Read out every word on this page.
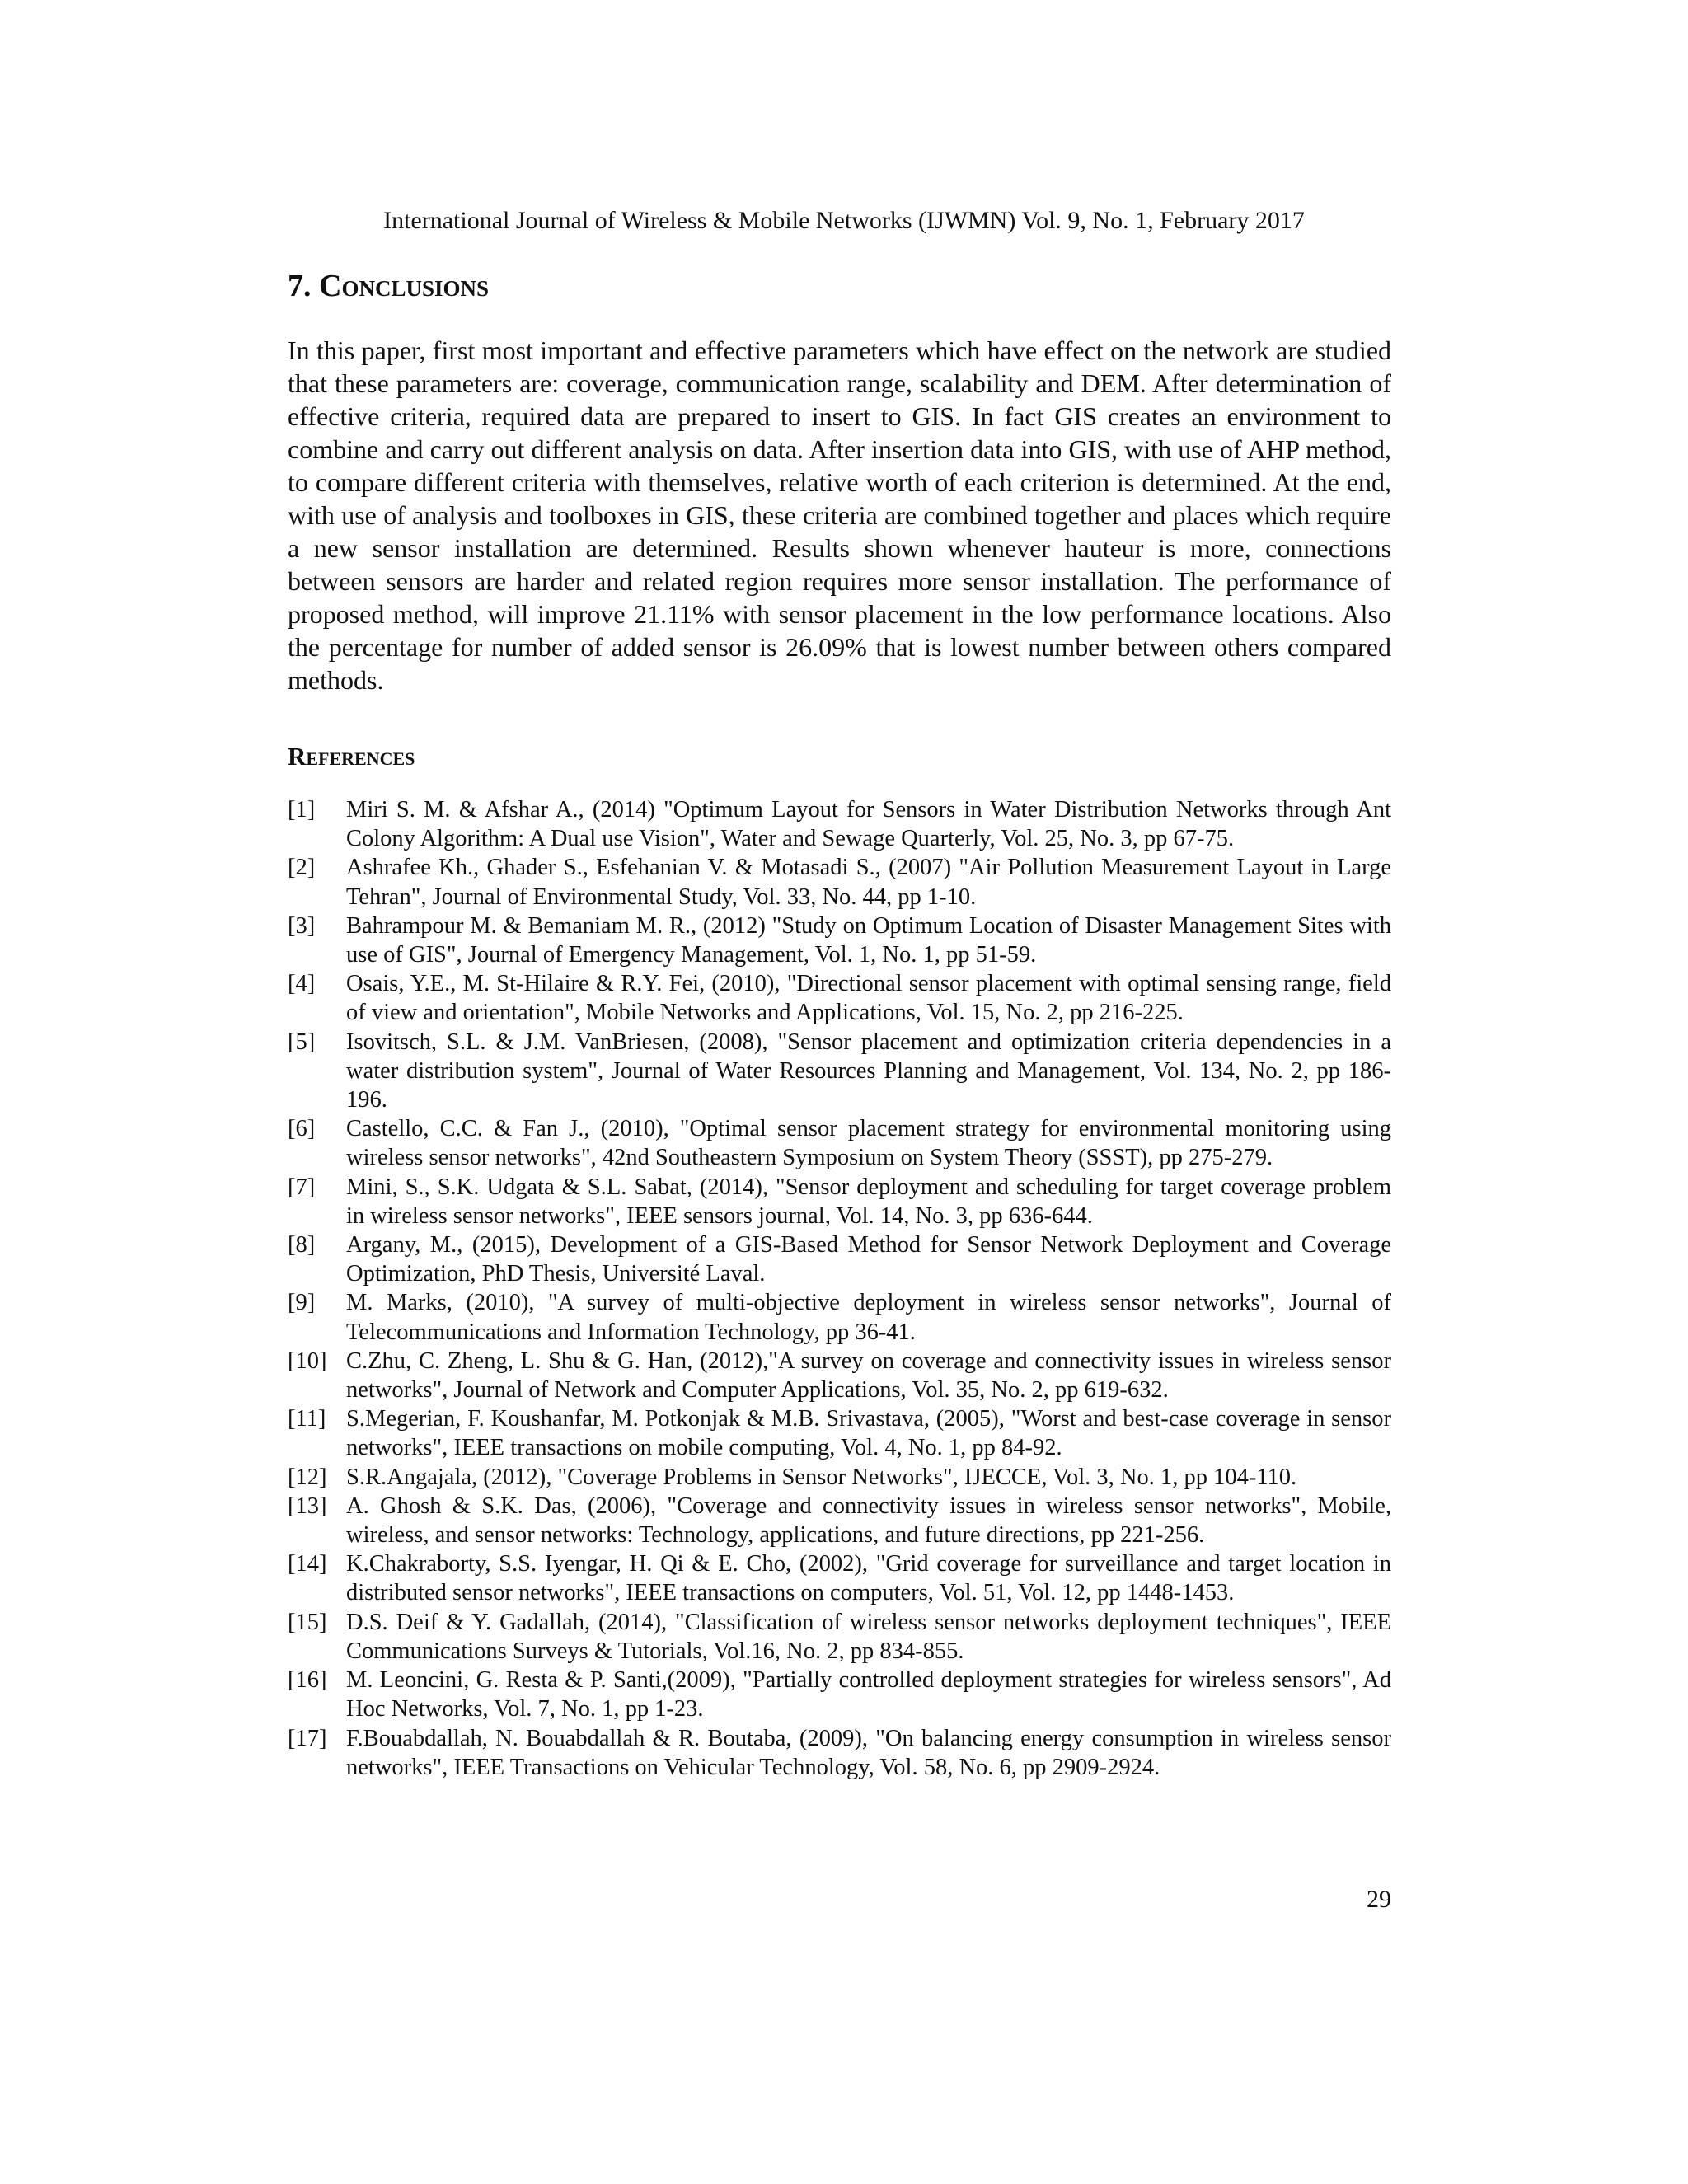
International Journal of Wireless & Mobile Networks (IJWMN) Vol. 9, No. 1, February 2017
7. Conclusions

In this paper, first most important and effective parameters which have effect on the network are studied that these parameters are: coverage, communication range, scalability and DEM. After determination of effective criteria, required data are prepared to insert to GIS. In fact GIS creates an environment to combine and carry out different analysis on data. After insertion data into GIS, with use of AHP method, to compare different criteria with themselves, relative worth of each criterion is determined. At the end, with use of analysis and toolboxes in GIS, these criteria are combined together and places which require a new sensor installation are determined. Results shown whenever hauteur is more, connections between sensors are harder and related region requires more sensor installation. The performance of proposed method, will improve 21.11% with sensor placement in the low performance locations. Also the percentage for number of added sensor is 26.09% that is lowest number between others compared methods.

References
[1]	Miri S. M. & Afshar A., (2014) "Optimum Layout for Sensors in Water Distribution Networks through Ant Colony Algorithm: A Dual use Vision", Water and Sewage Quarterly, Vol. 25, No. 3, pp 67-75.
[2]	Ashrafee Kh., Ghader S., Esfehanian V. & Motasadi S., (2007) "Air Pollution Measurement Layout in Large Tehran", Journal of Environmental Study, Vol. 33, No. 44, pp 1-10.
[3]	Bahrampour M. & Bemaniam M. R., (2012) "Study on Optimum Location of Disaster Management Sites with use of GIS", Journal of Emergency Management, Vol. 1, No. 1, pp 51-59.
[4]	Osais, Y.E., M. St-Hilaire & R.Y. Fei, (2010), "Directional sensor placement with optimal sensing range, field of view and orientation", Mobile Networks and Applications, Vol. 15, No. 2, pp 216-225.
[5]	Isovitsch, S.L. & J.M. VanBriesen, (2008), "Sensor placement and optimization criteria dependencies in a water distribution system", Journal of Water Resources Planning and Management, Vol. 134, No. 2, pp 186-196.
[6]	Castello, C.C. & Fan J., (2010), "Optimal sensor placement strategy for environmental monitoring using wireless sensor networks", 42nd Southeastern Symposium on System Theory (SSST), pp 275-279.
[7]	Mini, S., S.K. Udgata & S.L. Sabat, (2014), "Sensor deployment and scheduling for target coverage problem in wireless sensor networks", IEEE sensors journal, Vol. 14, No. 3, pp 636-644.
[8]	Argany, M., (2015), Development of a GIS-Based Method for Sensor Network Deployment and Coverage Optimization, PhD Thesis, Université Laval.
[9]	M. Marks, (2010), "A survey of multi-objective deployment in wireless sensor networks", Journal of Telecommunications and Information Technology, pp 36-41.
[10] C.Zhu, C. Zheng, L. Shu & G. Han, (2012),"A survey on coverage and connectivity issues in wireless sensor networks", Journal of Network and Computer Applications, Vol. 35, No. 2, pp 619-632.
[11] S.Megerian, F. Koushanfar, M. Potkonjak & M.B. Srivastava, (2005), "Worst and best-case coverage in sensor networks", IEEE transactions on mobile computing, Vol. 4, No. 1, pp 84-92.
[12] S.R.Angajala, (2012), "Coverage Problems in Sensor Networks", IJECCE, Vol. 3, No. 1, pp 104-110.
[13] A. Ghosh & S.K. Das, (2006), "Coverage and connectivity issues in wireless sensor networks", Mobile, wireless, and sensor networks: Technology, applications, and future directions, pp 221-256.
[14] K.Chakraborty, S.S. Iyengar, H. Qi & E. Cho, (2002), "Grid coverage for surveillance and target location in distributed sensor networks", IEEE transactions on computers, Vol. 51, Vol. 12, pp 1448-1453.
[15] D.S. Deif & Y. Gadallah, (2014), "Classification of wireless sensor networks deployment techniques", IEEE Communications Surveys & Tutorials, Vol.16, No. 2, pp 834-855.
[16] M. Leoncini, G. Resta & P. Santi,(2009), "Partially controlled deployment strategies for wireless sensors", Ad Hoc Networks, Vol. 7, No. 1, pp 1-23.
[17] F.Bouabdallah, N. Bouabdallah & R. Boutaba, (2009), "On balancing energy consumption in wireless sensor networks", IEEE Transactions on Vehicular Technology, Vol. 58, No. 6, pp 2909-2924.
29
